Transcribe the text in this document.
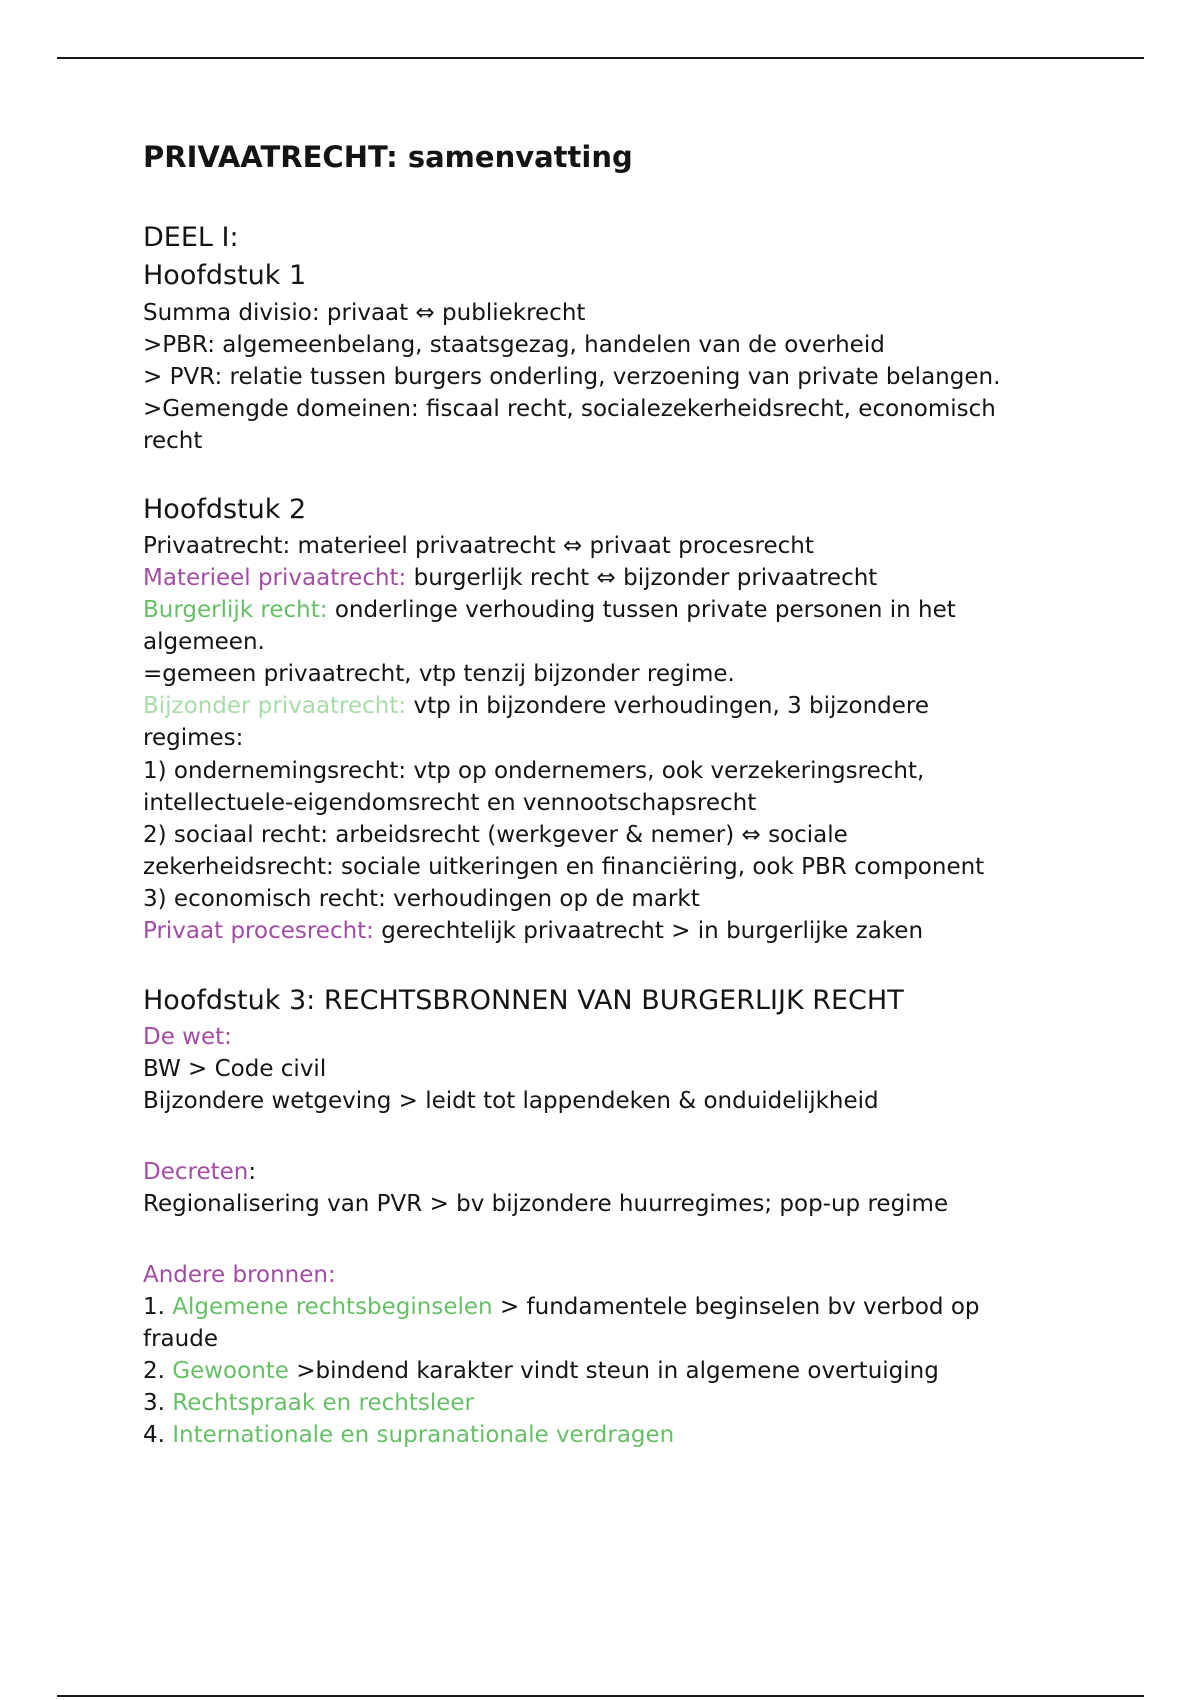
PRIVAATRECHT: samenvatting
DEEL I:
Hoofdstuk 1
Summa divisio: privaat ⇔ publiekrecht
>PBR: algemeenbelang, staatsgezag, handelen van de overheid
> PVR: relatie tussen burgers onderling, verzoening van private belangen.
>Gemengde domeinen: fiscaal recht, socialezekerheidsrecht, economisch
recht
Hoofdstuk 2
Privaatrecht: materieel privaatrecht ⇔ privaat procesrecht
Materieel privaatrecht: burgerlijk recht ⇔ bijzonder privaatrecht
Burgerlijk recht: onderlinge verhouding tussen private personen in het
algemeen.
=gemeen privaatrecht, vtp tenzij bijzonder regime.
Bijzonder privaatrecht: vtp in bijzondere verhoudingen, 3 bijzondere
regimes:
1) ondernemingsrecht: vtp op ondernemers, ook verzekeringsrecht,
intellectuele-eigendomsrecht en vennootschapsrecht
2) sociaal recht: arbeidsrecht (werkgever & nemer) ⇔ sociale
zekerheidsrecht: sociale uitkeringen en financiëring, ook PBR component
3) economisch recht: verhoudingen op de markt
Privaat procesrecht: gerechtelijk privaatrecht > in burgerlijke zaken
Hoofdstuk 3: RECHTSBRONNEN VAN BURGERLIJK RECHT
De wet:
BW > Code civil
Bijzondere wetgeving > leidt tot lappendeken & onduidelijkheid
Decreten:
Regionalisering van PVR > bv bijzondere huurregimes; pop-up regime
Andere bronnen:
1. Algemene rechtsbeginselen > fundamentele beginselen bv verbod op
fraude
2. Gewoonte >bindend karakter vindt steun in algemene overtuiging
3. Rechtspraak en rechtsleer
4. Internationale en supranationale verdragen
